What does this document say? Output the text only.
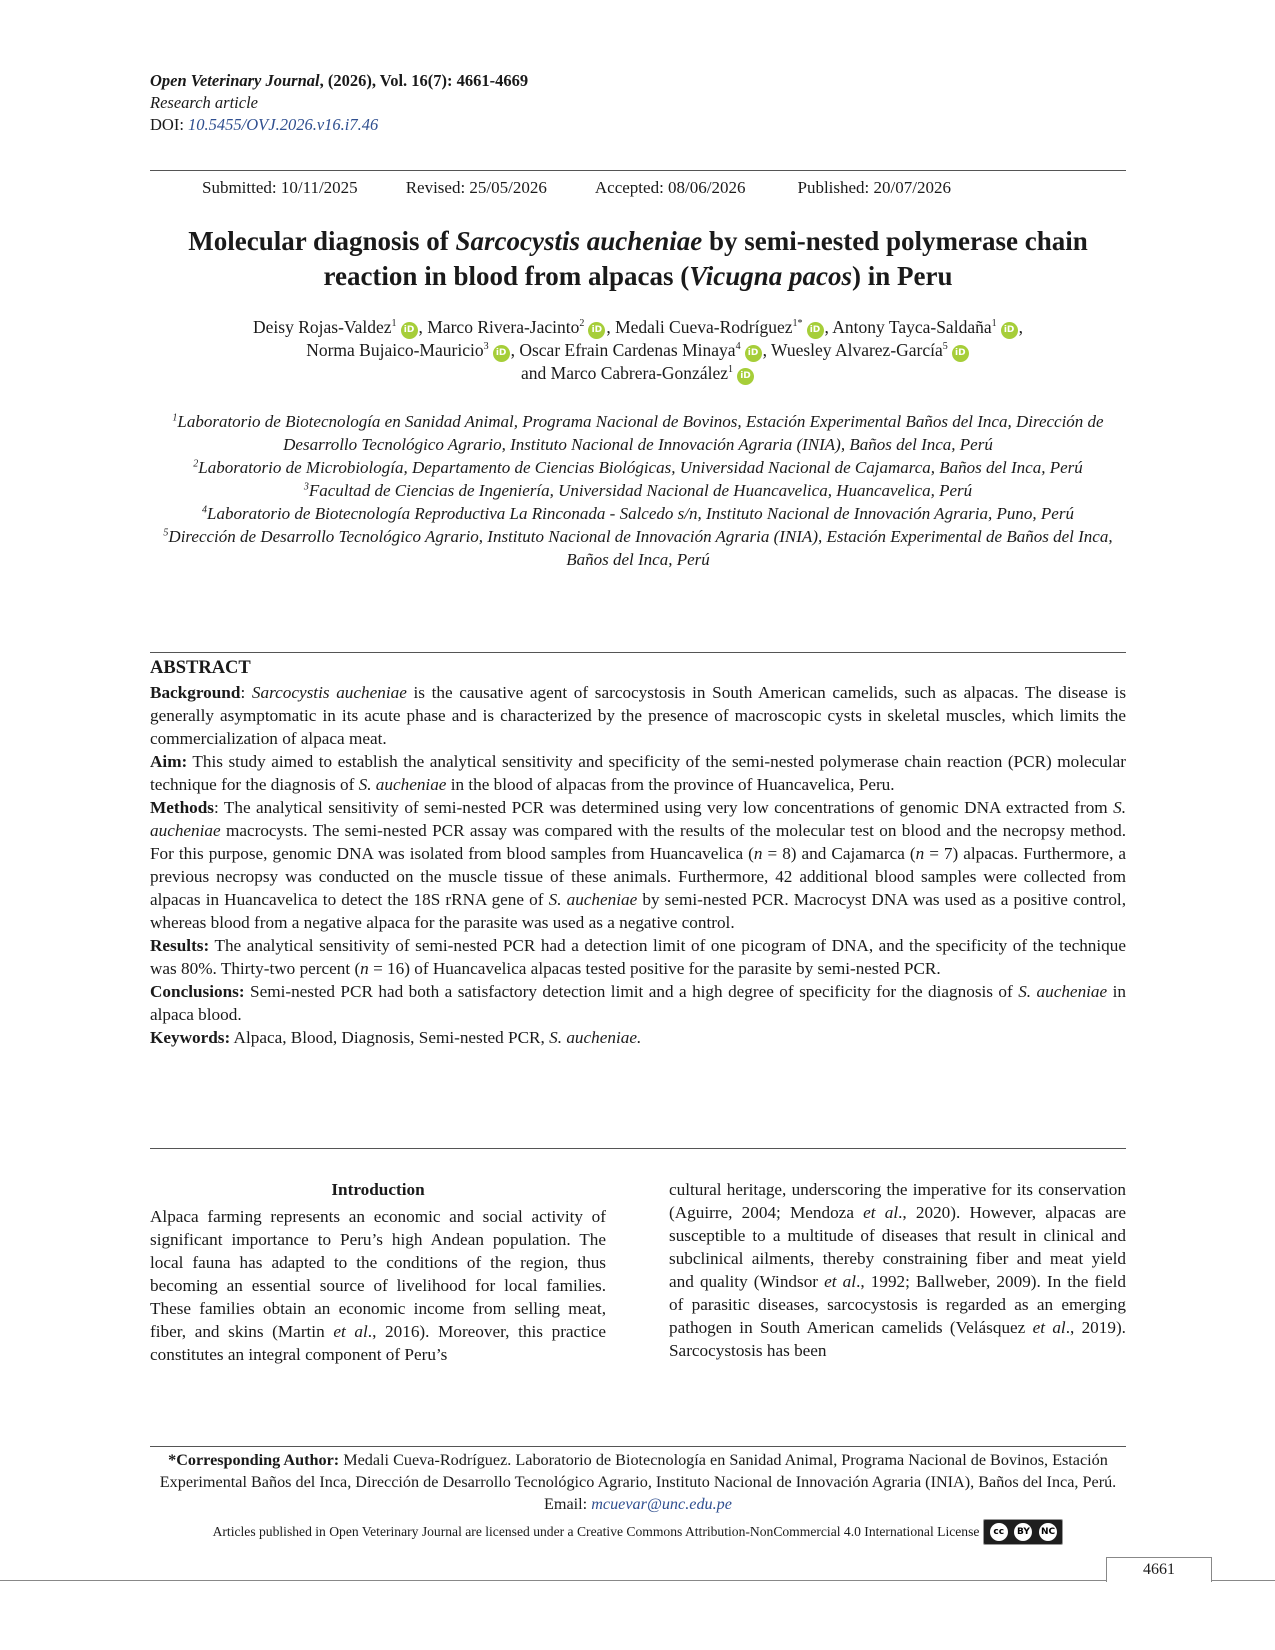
Open Veterinary Journal, (2026), Vol. 16(7): 4661-4669
Research article
DOI: 10.5455/OVJ.2026.v16.i7.46
Submitted: 10/11/2025	Revised: 25/05/2026	Accepted: 08/06/2026	Published: 20/07/2026
Molecular diagnosis of Sarcocystis aucheniae by semi-nested polymerase chain reaction in blood from alpacas (Vicugna pacos) in Peru
Deisy Rojas-Valdez$^1$iD , Marco Rivera-Jacinto$^2$iD , Medali Cueva-Rodríguez$^{1*}$iD , Antony Tayca-Saldaña$^1$iD ,
Norma Bujaico-Mauricio$^3$iD , Oscar Efrain Cardenas Minaya$^4$iD , Wuesley Alvarez-García$^5$iD
and Marco Cabrera-González$^1$iD
$^1$Laboratorio de Biotecnología en Sanidad Animal, Programa Nacional de Bovinos, Estación Experimental Baños del Inca, Dirección de Desarrollo Tecnológico Agrario, Instituto Nacional de Innovación Agraria (INIA), Baños del Inca, Perú
$^2$Laboratorio de Microbiología, Departamento de Ciencias Biológicas, Universidad Nacional de Cajamarca, Baños del Inca, Perú
$^3$Facultad de Ciencias de Ingeniería, Universidad Nacional de Huancavelica, Huancavelica, Perú
$^4$Laboratorio de Biotecnología Reproductiva La Rinconada - Salcedo s/n, Instituto Nacional de Innovación Agraria, Puno, Perú
$^5$Dirección de Desarrollo Tecnológico Agrario, Instituto Nacional de Innovación Agraria (INIA), Estación Experimental de Baños del Inca, Baños del Inca, Perú
ABSTRACT

Background: Sarcocystis aucheniae is the causative agent of sarcocystosis in South American camelids, such as alpacas. The disease is generally asymptomatic in its acute phase and is characterized by the presence of macroscopic cysts in skeletal muscles, which limits the commercialization of alpaca meat.

Aim: This study aimed to establish the analytical sensitivity and specificity of the semi-nested polymerase chain reaction (PCR) molecular technique for the diagnosis of S. aucheniae in the blood of alpacas from the province of Huancavelica, Peru.

Methods: The analytical sensitivity of semi-nested PCR was determined using very low concentrations of genomic DNA extracted from S. aucheniae macrocysts. The semi-nested PCR assay was compared with the results of the molecular test on blood and the necropsy method. For this purpose, genomic DNA was isolated from blood samples from Huancavelica (n = 8) and Cajamarca (n = 7) alpacas. Furthermore, a previous necropsy was conducted on the muscle tissue of these animals. Furthermore, 42 additional blood samples were collected from alpacas in Huancavelica to detect the 18S rRNA gene of S. aucheniae by semi-nested PCR. Macrocyst DNA was used as a positive control, whereas blood from a negative alpaca for the parasite was used as a negative control.

Results: The analytical sensitivity of semi-nested PCR had a detection limit of one picogram of DNA, and the specificity of the technique was 80%. Thirty-two percent (n = 16) of Huancavelica alpacas tested positive for the parasite by semi-nested PCR.

Conclusions: Semi-nested PCR had both a satisfactory detection limit and a high degree of specificity for the diagnosis of S. aucheniae in alpaca blood.

Keywords: Alpaca, Blood, Diagnosis, Semi-nested PCR, S. aucheniae.

Introduction

Alpaca farming represents an economic and social activity of significant importance to Peru’s high Andean population. The local fauna has adapted to the conditions of the region, thus becoming an essential source of livelihood for local families. These families obtain an economic income from selling meat, fiber, and skins (Martin et al., 2016). Moreover, this practice constitutes an integral component of Peru’s

cultural heritage, underscoring the imperative for its conservation (Aguirre, 2004; Mendoza et al., 2020). However, alpacas are susceptible to a multitude of diseases that result in clinical and subclinical ailments, thereby constraining fiber and meat yield and quality (Windsor et al., 1992; Ballweber, 2009). In the field of parasitic diseases, sarcocystosis is regarded as an emerging pathogen in South American camelids (Velásquez et al., 2019). Sarcocystosis has been

*Corresponding Author: Medali Cueva-Rodríguez. Laboratorio de Biotecnología en Sanidad Animal, Programa Nacional de Bovinos, Estación Experimental Baños del Inca, Dirección de Desarrollo Tecnológico Agrario, Instituto Nacional de Innovación Agraria (INIA), Baños del Inca, Perú. Email: mcuevar@unc.edu.pe
Articles published in Open Veterinary Journal are licensed under a Creative Commons Attribution-NonCommercial 4.0 International License	cc	BY NC
4661
